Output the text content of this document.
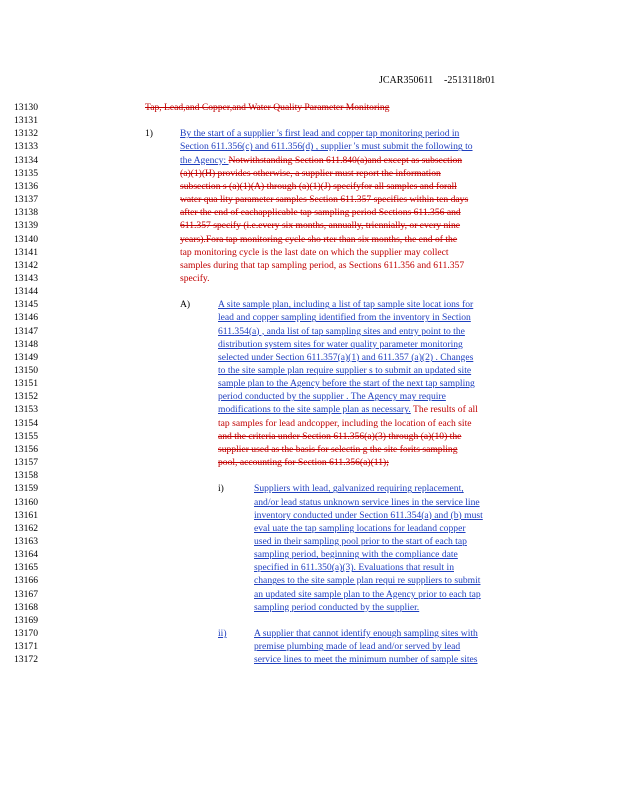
JCAR350611 -2513118r01
13130
13131
13132
13133
13134
13135
13136
13137
13138
13139
13140
13141
13142
13143
13144
13145
13146
13147
13148
13149
13150
13151
13152
13153
13154
13155
13156
13157
13158
13159
13160
13161
13162
13163
13164
13165
13166
13167
13168
13169
13170
13171
13172
Tap, Lead,and Copper,and Water Quality Parameter Monitoring
1)	By the start of a supplier 's first lead and copper tap monitoring period in
Section 611.356(c) and 611.356(d) , supplier 's must submit the following to
the Agency: Notwithstanding Section 611.840(a)and except as subsection
(a)(1)(H) provides otherwise, a supplier must report the information
subsection s (a)(1)(A) through (a)(1)(J) specifyfor all samples and forall
water qua lity parameter samples Section 611.357 specifies within ten days
after the end of eachapplicable tap sampling period Sections 611.356 and
611.357 specify (i.e.every six months, annually, triennially, or every nine
years).Fora tap monitoring cycle sho rter than six months, the end of the
tap monitoring cycle is the last date on which the supplier may collect
samples during that tap sampling period, as Sections 611.356 and 611.357
specify.
A)	A site sample plan, including a list of tap sample site locat ions for
lead and copper sampling identified from the inventory in Section
611.354(a) , anda list of tap sampling sites and entry point to the
distribution system sites for water quality parameter monitoring
selected under Section 611.357(a)(1) and 611.357 (a)(2) . Changes
to the site sample plan require supplier s to submit an updated site
sample plan to the Agency before the start of the next tap sampling
period conducted by the supplier . The Agency may require
modifications to the site sample plan as necessary. The results of all
tap samples for lead andcopper, including the location of each site
and the criteria under Section 611.356(a)(3) through (a)(10) the
supplier used as the basis for selectin g the site forits sampling
pool, accounting for Section 611.356(a)(11);
i)	Suppliers with lead, galvanized requiring replacement,
and/or lead status unknown service lines in the service line
inventory conducted under Section 611.354(a) and (b) must
eval uate the tap sampling locations for leadand copper
used in their sampling pool prior to the start of each tap
sampling period, beginning with the compliance date
specified in 611.350(a)(3). Evaluations that result in
changes to the site sample plan requi re suppliers to submit
an updated site sample plan to the Agency prior to each tap
sampling period conducted by the supplier.
ii)	A supplier that cannot identify enough sampling sites with
premise plumbing made of lead and/or served by lead
service lines to meet the minimum number of sample sites
